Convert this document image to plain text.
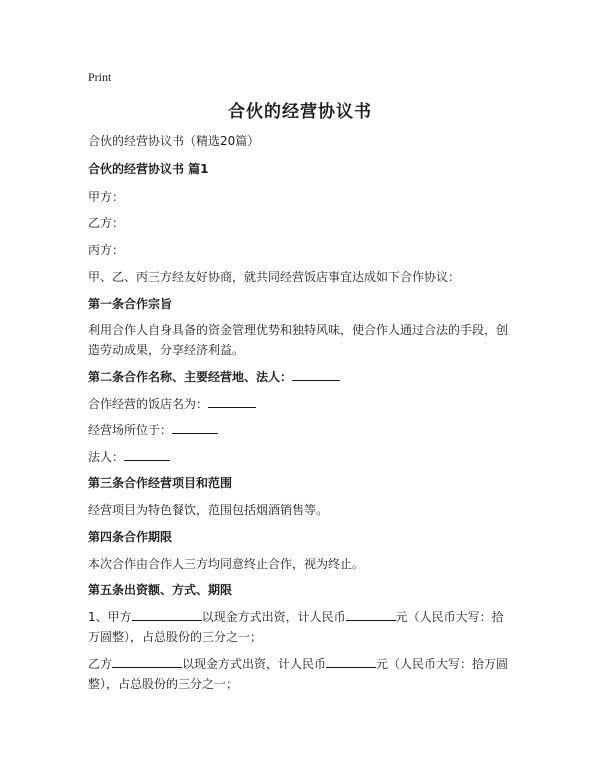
Print
合伙的经营协议书
合伙的经营协议书（精选20篇）
合伙的经营协议书 篇1
甲方：
乙方：
丙方：
甲、乙、丙三方经友好协商，就共同经营饭店事宜达成如下合作协议：
第一条合作宗旨
利用合作人自身具备的资金管理优势和独特风味，使合作人通过合法的手段，创造劳动成果，分享经济利益。
第二条合作名称、主要经营地、法人：
合作经营的饭店名为：
经营场所位于：
法人：
第三条合作经营项目和范围
经营项目为特色餐饮，范围包括烟酒销售等。
第四条合作期限
本次合作由合作人三方均同意终止合作，视为终止。
第五条出资额、方式、期限
1、甲方	以现金方式出资，计人民币	元（人民币大写：拾万圆整），占总股份的三分之一；
乙方	以现金方式出资，计人民币	元（人民币大写：拾万圆整），占总股份的三分之一；
